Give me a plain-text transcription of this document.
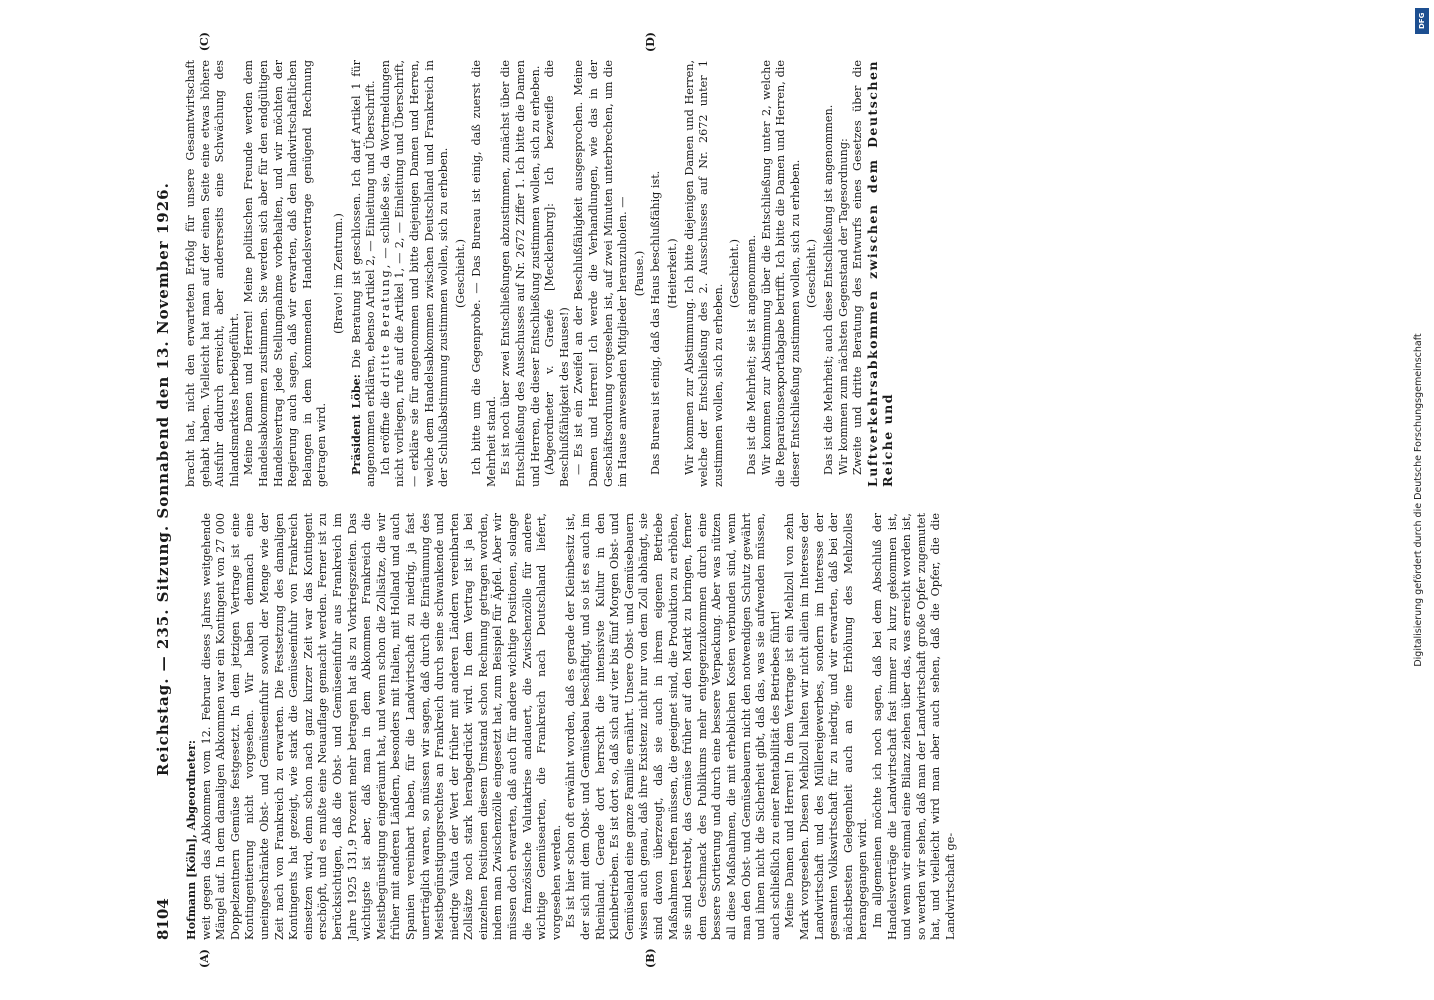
8104
Reichstag. — 235. Sitzung. Sonnabend den 13. November 1926.
(A)	(B)
(C)	(D)

Hofmann [Köln], Abgeordneter: weit gegen das Abkommen vom 12. Februar dieses Jahres weitgehende Mängel auf. In dem damaligen Abkommen war ein Kontingent von 27 000 Doppelzentnern Gemüse festgesetzt. In dem jetzigen Vertrage ist eine Kontingentierung nicht vorgesehen. Wir haben demnach eine uneingeschränkte Obst- und Gemüseeinfuhr sowohl der Menge wie der Zeit nach von Frankreich zu erwarten. Die Festsetzung des damaligen Kontingents hat gezeigt, wie stark die Gemüseeinfuhr von Frankreich einsetzen wird, denn schon nach ganz kurzer Zeit war das Kontingent erschöpft, und es mußte eine Neuauflage gemacht werden. Ferner ist zu berücksichtigen, daß die Obst- und Gemüseeinfuhr aus Frankreich im Jahre 1925 131,9 Prozent mehr betragen hat als zu Vorkriegszeiten. Das wichtigste ist aber, daß man in dem Abkommen Frankreich die Meistbegünstigung eingeräumt hat, und wenn schon die Zollsätze, die wir früher mit anderen Ländern, besonders mit Italien, mit Holland und auch Spanien vereinbart haben, für die Landwirtschaft zu niedrig, ja fast unerträglich waren, so müssen wir sagen, daß durch die Einräumung des Meistbegünstigungsrechtes an Frankreich durch seine schwankende und niedrige Valuta der Wert der früher mit anderen Ländern vereinbarten Zollsätze noch stark herabgedrückt wird. In dem Vertrag ist ja bei einzelnen Positionen diesem Umstand schon Rechnung getragen worden, indem man Zwischenzölle eingesetzt hat, zum Beispiel für Äpfel. Aber wir müssen doch erwarten, daß auch für andere wichtige Positionen, solange die französische Valutakrise andauert, die Zwischenzölle für andere wichtige Gemüsearten, die Frankreich nach Deutschland liefert, vorgesehen werden. Es ist hier schon oft erwähnt worden, daß es gerade der Kleinbesitz ist, der sich mit dem Obst- und Gemüsebau beschäftigt, und so ist es auch im Rheinland. Gerade dort herrscht die intensivste Kultur in den Kleinbetrieben. Es ist dort so, daß sich auf vier bis fünf Morgen Obst- und Gemüseland eine ganze Familie ernährt. Unsere Obst- und Gemüsebauern wissen auch genau, daß ihre Existenz nicht nur von dem Zoll abhängt, sie sind davon überzeugt, daß sie auch in ihrem eigenen Betriebe Maßnahmen treffen müssen, die geeignet sind, die Produktion zu erhöhen, sie sind bestrebt, das Gemüse früher auf den Markt zu bringen, ferner dem Geschmack des Publikums mehr entgegenzukommen durch eine bessere Sortierung und durch eine bessere Verpackung. Aber was nützen all diese Maßnahmen, die mit erheblichen Kosten verbunden sind, wenn man den Obst- und Gemüsebauern nicht den notwendigen Schutz gewährt und ihnen nicht die Sicherheit gibt, daß das, was sie aufwenden müssen, auch schließlich zu einer Rentabilität des Betriebes führt! Meine Damen und Herren! In dem Vertrage ist ein Mehlzoll von zehn Mark vorgesehen. Diesen Mehlzoll halten wir nicht allein im Interesse der Landwirtschaft und des Müllereigewerbes, sondern im Interesse der gesamten Volkswirtschaft für zu niedrig, und wir erwarten, daß bei der nächstbesten Gelegenheit auch an eine Erhöhung des Mehlzolles herangegangen wird. Im allgemeinen möchte ich noch sagen, daß bei dem Abschluß der Handelsverträge die Landwirtschaft fast immer zu kurz gekommen ist, und wenn wir einmal eine Bilanz ziehen über das, was erreicht worden ist, so werden wir sehen, daß man der Landwirtschaft große Opfer zugemutet hat, und vielleicht wird man aber auch sehen, daß die Opfer, die die Landwirtschaft ge-

bracht hat, nicht den erwarteten Erfolg für unsere Gesamtwirtschaft gehabt haben. Vielleicht hat man auf der einen Seite eine etwas höhere Ausfuhr dadurch erreicht, aber andererseits eine Schwächung des Inlandsmarktes herbeigeführt. Meine Damen und Herren! Meine politischen Freunde werden dem Handelsabkommen zustimmen. Sie werden sich aber für den endgültigen Handelsvertrag jede Stellungnahme vorbehalten, und wir möchten der Regierung auch sagen, daß wir erwarten, daß den landwirtschaftlichen Belangen in dem kommenden Handelsvertrage genügend Rechnung getragen wird.

(Bravo! im Zentrum.)

Präsident Löbe: Die Beratung ist geschlossen. Ich darf Artikel 1 für angenommen erklären, ebenso Artikel 2, — Einleitung und Überschrift. Ich eröffne die dritte Beratung, — schließe sie, da Wortmeldungen nicht vorliegen, rufe auf die Artikel 1, — 2, — Einleitung und Überschrift, — erkläre sie für angenommen und bitte diejenigen Damen und Herren, welche dem Handelsabkommen zwischen Deutschland und Frankreich in der Schlußabstimmung zustimmen wollen, sich zu erheben. (Geschieht.) Ich bitte um die Gegenprobe. — Das Bureau ist einig, daß zuerst die Mehrheit stand. Es ist noch über zwei Entschließungen abzustimmen, zunächst über die Entschließung des Ausschusses auf Nr. 2672 Ziffer 1. Ich bitte die Damen und Herren, die dieser Entschließung zustimmen wollen, sich zu erheben. (Abgeordneter v. Graefe [Mecklenburg]: Ich bezweifle die Beschlußfähigkeit des Hauses!) — Es ist ein Zweifel an der Beschlußfähigkeit ausgesprochen. Meine Damen und Herren! Ich werde die Verhandlungen, wie das in der Geschäftsordnung vorgesehen ist, auf zwei Minuten unterbrechen, um die im Hause anwesenden Mitglieder heranzuholen. — (Pause.) Das Bureau ist einig, daß das Haus beschlußfähig ist. (Heiterkeit.) Wir kommen zur Abstimmung. Ich bitte diejenigen Damen und Herren, welche der Entschließung des 2. Ausschusses auf Nr. 2672 unter 1 zustimmen wollen, sich zu erheben.

(Geschieht.) Das ist die Mehrheit; sie ist angenommen. Wir kommen zur Abstimmung über die Entschließung unter 2, welche die Reparationsexportabgabe betrifft. Ich bitte die Damen und Herren, die dieser Entschließung zustimmen wollen, sich zu erheben. (Geschieht.) Das ist die Mehrheit; auch diese Entschließung ist angenommen. Wir kommen zum nächsten Gegenstand der Tagesordnung: Zweite und dritte Beratung des Entwurfs eines Gesetzes über die Luftverkehrsabkommen zwischen dem Deutschen Reiche und	Digitalisierung gefördert durch die Deutsche Forschungsgemeinschaft
DFG
